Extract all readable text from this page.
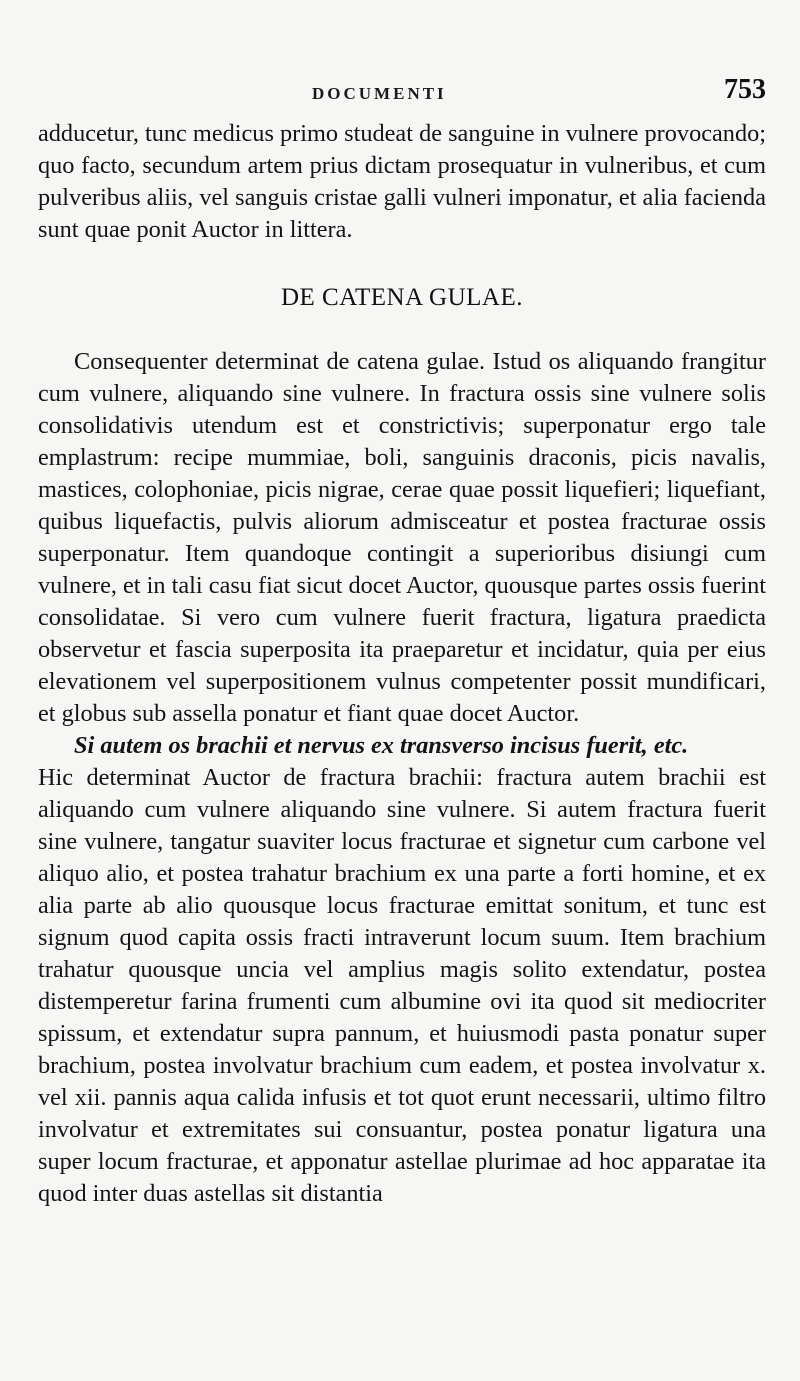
DOCUMENTI	753

adducetur, tunc medicus primo studeat de sanguine in vulnere provocando; quo facto, secundum artem prius dictam prosequatur in vulneribus, et cum pulveribus aliis, vel sanguis cristae galli vulneri imponatur, et alia facienda sunt quae ponit Auctor in littera.

DE CATENA GULAE.

Consequenter determinat de catena gulae. Istud os aliquando frangitur cum vulnere, aliquando sine vulnere. In fractura ossis sine vulnere solis consolidativis utendum est et constrictivis; superponatur ergo tale emplastrum: recipe mummiae, boli, sanguinis draconis, picis navalis, mastices, colophoniae, picis nigrae, cerae quae possit liquefieri; liquefiant, quibus liquefactis, pulvis aliorum admisceatur et postea fracturae ossis superponatur. Item quandoque contingit a superioribus disiungi cum vulnere, et in tali casu fiat sicut docet Auctor, quousque partes ossis fuerint consolidatae. Si vero cum vulnere fuerit fractura, ligatura praedicta observetur et fascia superposita ita praeparetur et incidatur, quia per eius elevationem vel superpositionem vulnus competenter possit mundificari, et globus sub assella ponatur et fiant quae docet Auctor.

Si autem os brachii et nervus ex transverso incisus fuerit, etc.

Hic determinat Auctor de fractura brachii: fractura autem brachii est aliquando cum vulnere aliquando sine vulnere. Si autem fractura fuerit sine vulnere, tangatur suaviter locus fracturae et signetur cum carbone vel aliquo alio, et postea trahatur brachium ex una parte a forti homine, et ex alia parte ab alio quousque locus fracturae emittat sonitum, et tunc est signum quod capita ossis fracti intraverunt locum suum. Item brachium trahatur quousque uncia vel amplius magis solito extendatur, postea distemperetur farina frumenti cum albumine ovi ita quod sit mediocriter spissum, et extendatur supra pannum, et huiusmodi pasta ponatur super brachium, postea involvatur brachium cum eadem, et postea involvatur x. vel xii. pannis aqua calida infusis et tot quot erunt necessarii, ultimo filtro involvatur et extremitates sui consuantur, postea ponatur ligatura una super locum fracturae, et apponatur astellae plurimae ad hoc apparatae ita quod inter duas astellas sit distantia
